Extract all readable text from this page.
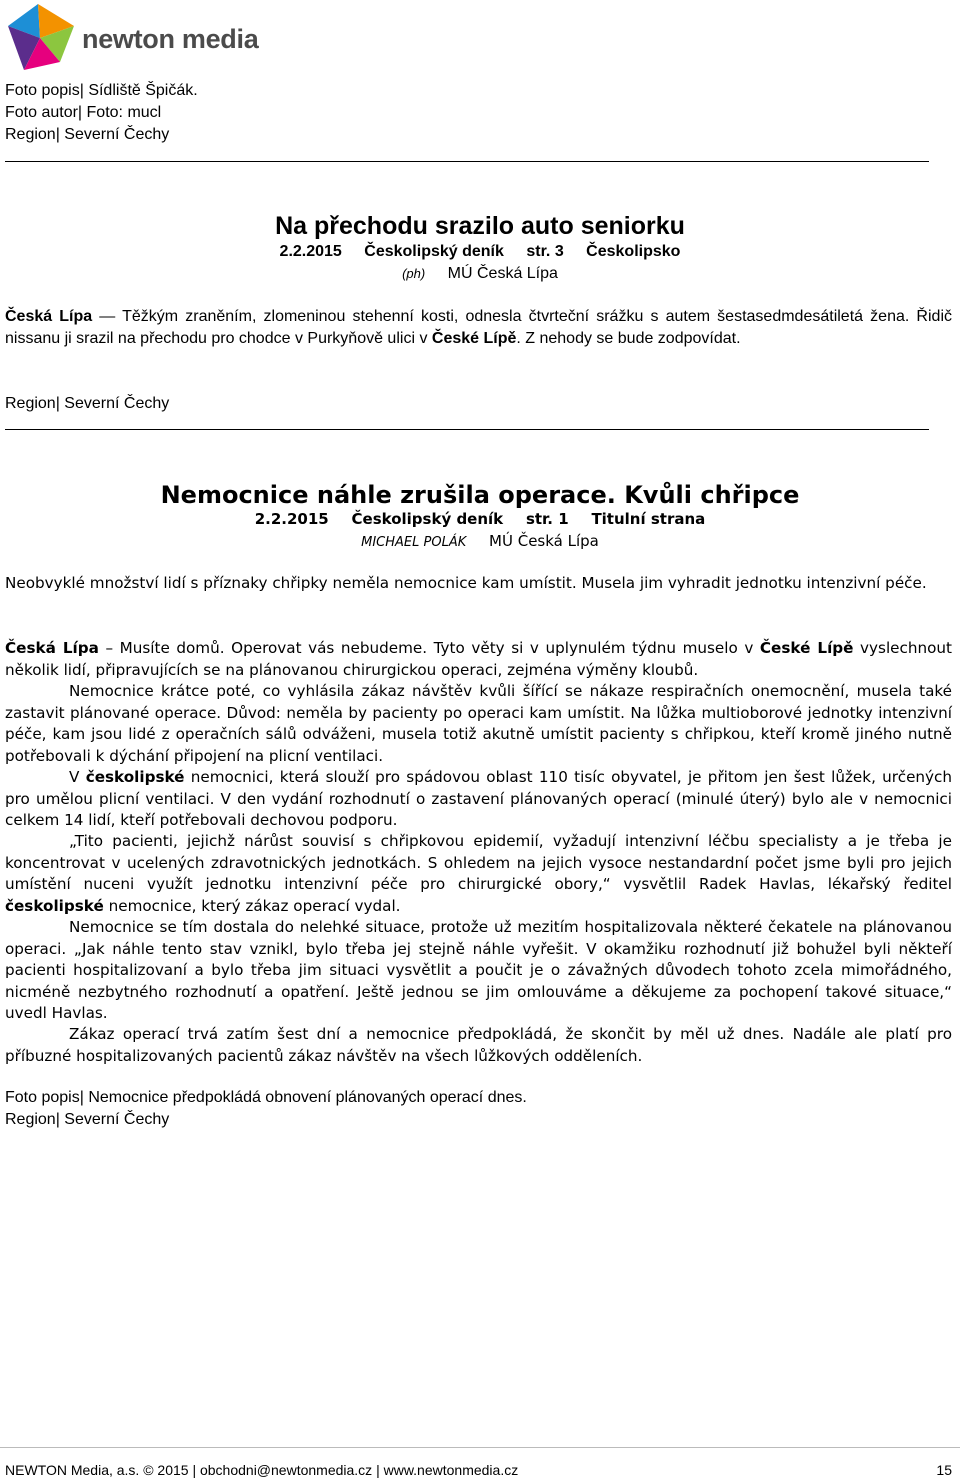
newton media

Foto popis| Sídliště Špičák.

Foto autor| Foto: mucl

Region| Severní Čechy

Na přechodu srazilo auto seniorku
2.2.2015 Českolipský deník str. 3 Českolipsko
(ph) MÚ Česká Lípa

Česká Lípa — Těžkým zraněním, zlomeninou stehenní kosti, odnesla čtvrteční srážku s autem šestasedmdesátiletá žena. Řidič nissanu ji srazil na přechodu pro chodce v Purkyňově ulici v České Lípě. Z nehody se bude zodpovídat.

Region| Severní Čechy

Nemocnice náhle zrušila operace. Kvůli chřipce
2.2.2015 Českolipský deník str. 1 Titulní strana
MICHAEL POLÁK MÚ Česká Lípa

Neobvyklé množství lidí s příznaky chřipky neměla nemocnice kam umístit. Musela jim vyhradit jednotku intenzivní péče.

Česká Lípa – Musíte domů. Operovat vás nebudeme. Tyto věty si v uplynulém týdnu muselo v České Lípě vyslechnout několik lidí, připravujících se na plánovanou chirurgickou operaci, zejména výměny kloubů.

Nemocnice krátce poté, co vyhlásila zákaz návštěv kvůli šířící se nákaze respiračních onemocnění, musela také zastavit plánované operace. Důvod: neměla by pacienty po operaci kam umístit. Na lůžka multioborové jednotky intenzivní péče, kam jsou lidé z operačních sálů odváženi, musela totiž akutně umístit pacienty s chřipkou, kteří kromě jiného nutně potřebovali k dýchání připojení na plicní ventilaci.

V českolipské nemocnici, která slouží pro spádovou oblast 110 tisíc obyvatel, je přitom jen šest lůžek, určených pro umělou plicní ventilaci. V den vydání rozhodnutí o zastavení plánovaných operací (minulé úterý) bylo ale v nemocnici celkem 14 lidí, kteří potřebovali dechovou podporu.

„Tito pacienti, jejichž nárůst souvisí s chřipkovou epidemií, vyžadují intenzivní léčbu specialisty a je třeba je koncentrovat v ucelených zdravotnických jednotkách. S ohledem na jejich vysoce nestandardní počet jsme byli pro jejich umístění nuceni využít jednotku intenzivní péče pro chirurgické obory,“ vysvětlil Radek Havlas, lékařský ředitel českolipské nemocnice, který zákaz operací vydal.

Nemocnice se tím dostala do nelehké situace, protože už mezitím hospitalizovala některé čekatele na plánovanou operaci. „Jak náhle tento stav vznikl, bylo třeba jej stejně náhle vyřešit. V okamžiku rozhodnutí již bohužel byli někteří pacienti hospitalizovaní a bylo třeba jim situaci vysvětlit a poučit je o závažných důvodech tohoto zcela mimořádného, nicméně nezbytného rozhodnutí a opatření. Ještě jednou se jim omlouváme a děkujeme za pochopení takové situace,“ uvedl Havlas.

Zákaz operací trvá zatím šest dní a nemocnice předpokládá, že skončit by měl už dnes. Nadále ale platí pro příbuzné hospitalizovaných pacientů zákaz návštěv na všech lůžkových odděleních.

Foto popis| Nemocnice předpokládá obnovení plánovaných operací dnes.

Region| Severní Čechy

NEWTON Media, a.s. © 2015 | obchodni@newtonmedia.cz | www.newtonmedia.cz	15
